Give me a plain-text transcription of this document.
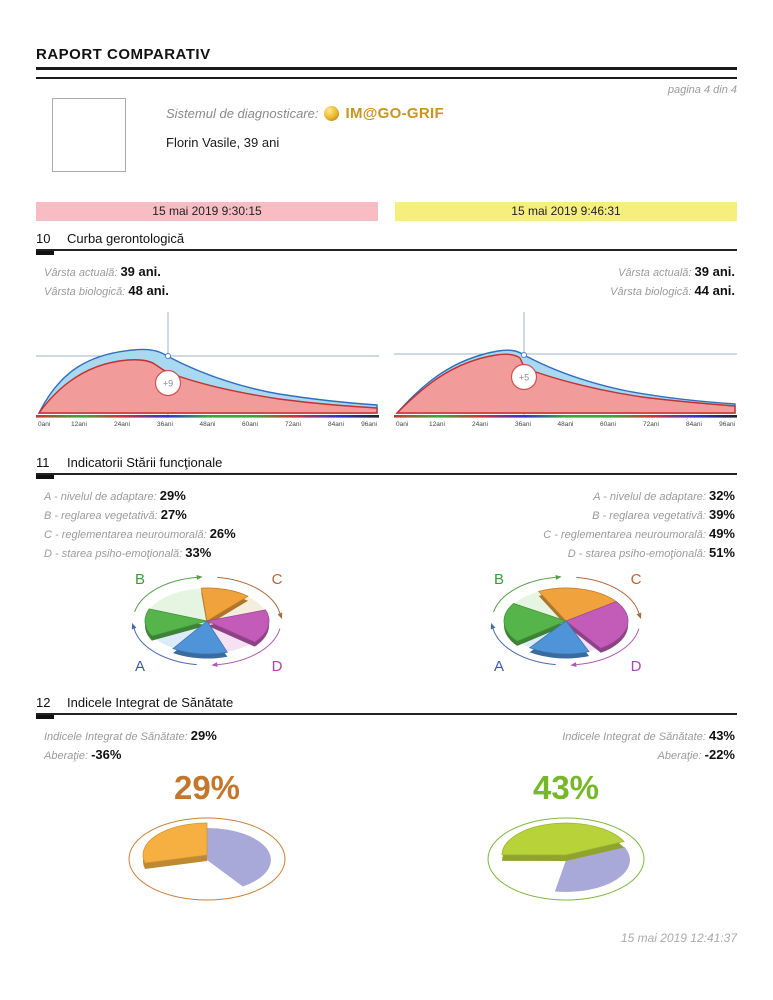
RAPORT COMPARATIV
pagina 4 din 4
Sistemul de diagnosticare: IM@GO-GRIF
Florin Vasile, 39 ani
15 mai 2019 9:30:15	15 mai 2019 9:46:31
10	Curba gerontologică
Vârsta actuală: 39 ani.
Vârsta biologică: 48 ani.
Vârsta actuală: 39 ani.
Vârsta biologică: 44 ani.
+9
0ani	12ani	24ani	36ani	48ani	60ani	72ani	84ani	96ani
+5
0ani	12ani	24ani	36ani	48ani	60ani	72ani	84ani	96ani
11	Indicatorii Stării funcţionale
A - nivelul de adaptare: 29%
B - reglarea vegetativă: 27%
C - reglementarea neuroumorală: 26%
D - starea psiho-emoţională: 33%
A - nivelul de adaptare: 32%
B - reglarea vegetativă: 39%
C - reglementarea neuroumorală: 49%
D - starea psiho-emoţională: 51%
B	C
A	D
B	C
A	D
12	Indicele Integrat de Sănătate
Indicele Integrat de Sănătate: 29%
Aberaţie: -36%
Indicele Integrat de Sănătate: 43%
Aberaţie: -22%
29%	43%
15 mai 2019 12:41:37
